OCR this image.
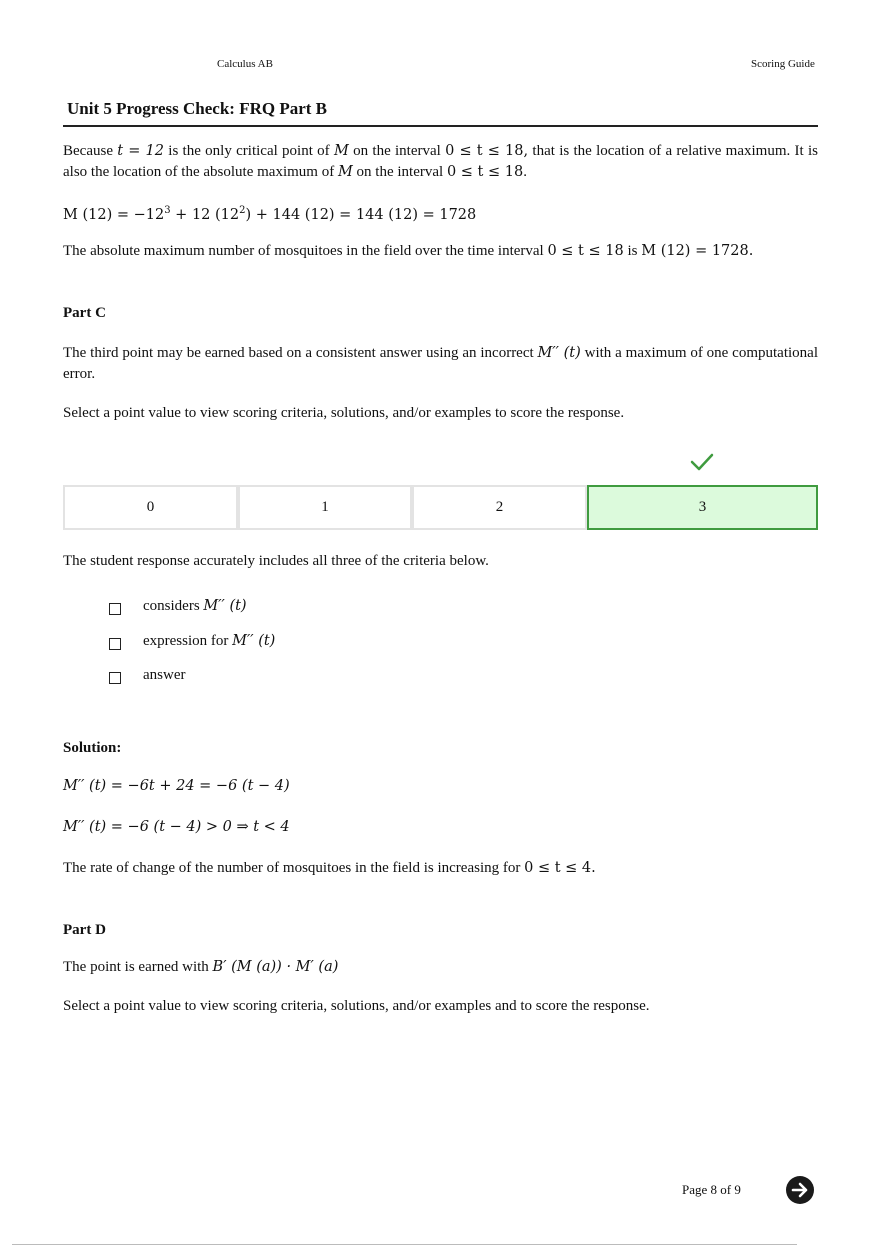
Calculus AB	Scoring Guide
Unit 5 Progress Check: FRQ Part B
Because t = 12 is the only critical point of M on the interval 0 ≤ t ≤ 18, that is the location of a relative maximum. It is also the location of the absolute maximum of M on the interval 0 ≤ t ≤ 18.
M $(12) = -12^3 + 12$ $(12^2) + 144$ (12) = 144 (12) = 1728
The absolute maximum number of mosquitoes in the field over the time interval 0 ≤ t ≤ 18 is M (12) = 1728.
Part C
The third point may be earned based on a consistent answer using an incorrect M′′ (t) with a maximum of one computational error.
Select a point value to view scoring criteria, solutions, and/or examples to score the response.
0	1	2	3
The student response accurately includes all three of the criteria below.
considers M′′ (t)
expression for M′′ (t)
answer
Solution:
M′′ (t) = −6t + 24 = −6 (t − 4)
M′′ (t) = −6 (t − 4) > 0 ⇒ t < 4
The rate of change of the number of mosquitoes in the field is increasing for 0 ≤ t ≤ 4.
Part D
The point is earned with B′ (M (a)) · M′ (a)
Select a point value to view scoring criteria, solutions, and/or examples and to score the response.
Page 8 of 9
